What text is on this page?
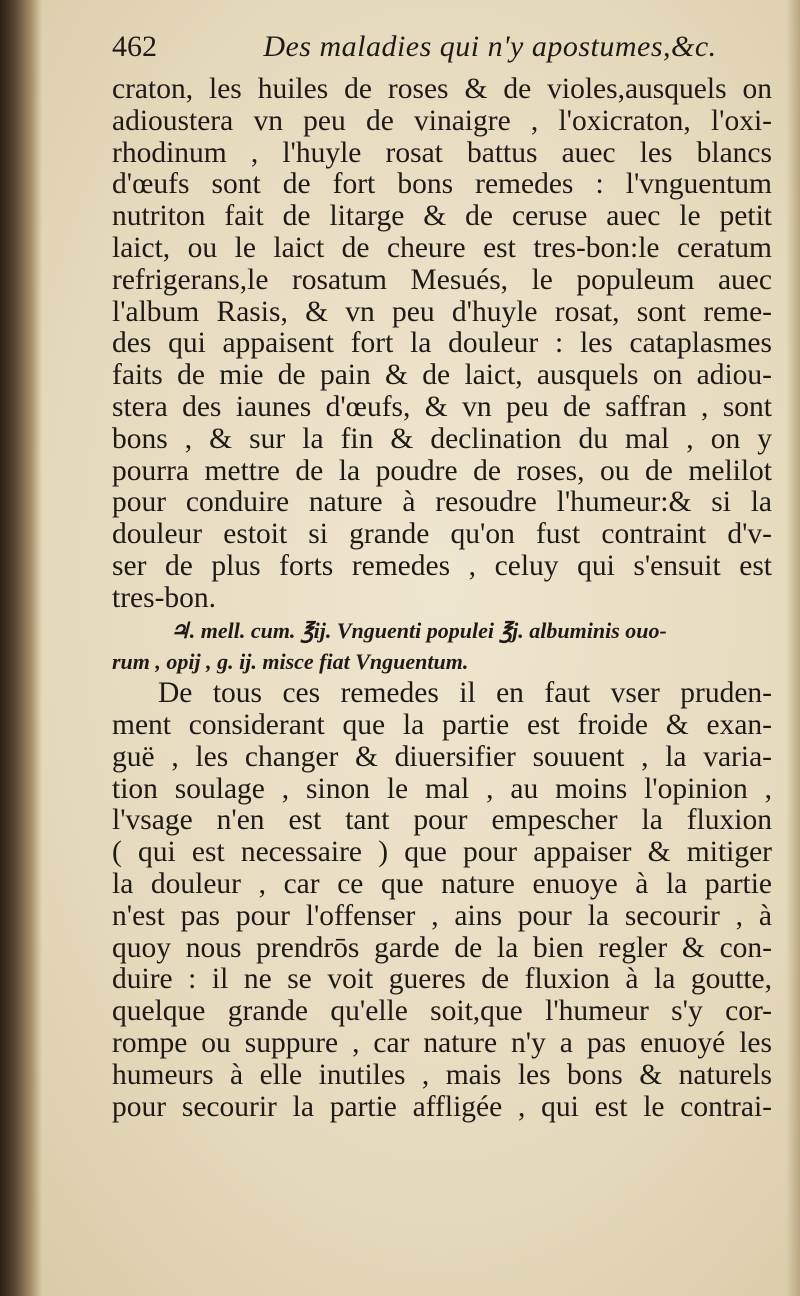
462	Des maladies qui n'y apostumes,&c.
craton, les huiles de roses & de violes,ausquels on
adioustera vn peu de vinaigre , l'oxicraton, l'oxi-
rhodinum , l'huyle rosat battus auec les blancs
d'œufs sont de fort bons remedes : l'vnguentum
nutriton fait de litarge & de ceruse auec le petit
laict, ou le laict de cheure est tres-bon:le ceratum
refrigerans,le rosatum Mesués, le populeum auec
l'album Rasis, & vn peu d'huyle rosat, sont reme-
des qui appaisent fort la douleur : les cataplasmes
faits de mie de pain & de laict, ausquels on adiou-
stera des iaunes d'œufs, & vn peu de saffran , sont
bons , & sur la fin & declination du mal , on y
pourra mettre de la poudre de roses, ou de melilot
pour conduire nature à resoudre l'humeur:& si la
douleur estoit si grande qu'on fust contraint d'v-
ser de plus forts remedes , celuy qui s'ensuit est
tres-bon.
♃. mell. cum. ℥ij. Vnguenti populei ℥j. albuminis ouo-
rum , opij , g. ij. misce fiat Vnguentum.
De tous ces remedes il en faut vser pruden-
ment considerant que la partie est froide & exan-
guë , les changer & diuersifier souuent , la varia-
tion soulage , sinon le mal , au moins l'opinion ,
l'vsage n'en est tant pour empescher la fluxion
( qui est necessaire ) que pour appaiser & mitiger
la douleur , car ce que nature enuoye à la partie
n'est pas pour l'offenser , ains pour la secourir , à
quoy nous prendrōs garde de la bien regler & con-
duire : il ne se voit gueres de fluxion à la goutte,
quelque grande qu'elle soit,que l'humeur s'y cor-
rompe ou suppure , car nature n'y a pas enuoyé les
humeurs à elle inutiles , mais les bons & naturels
pour secourir la partie affligée , qui est le contrai-
